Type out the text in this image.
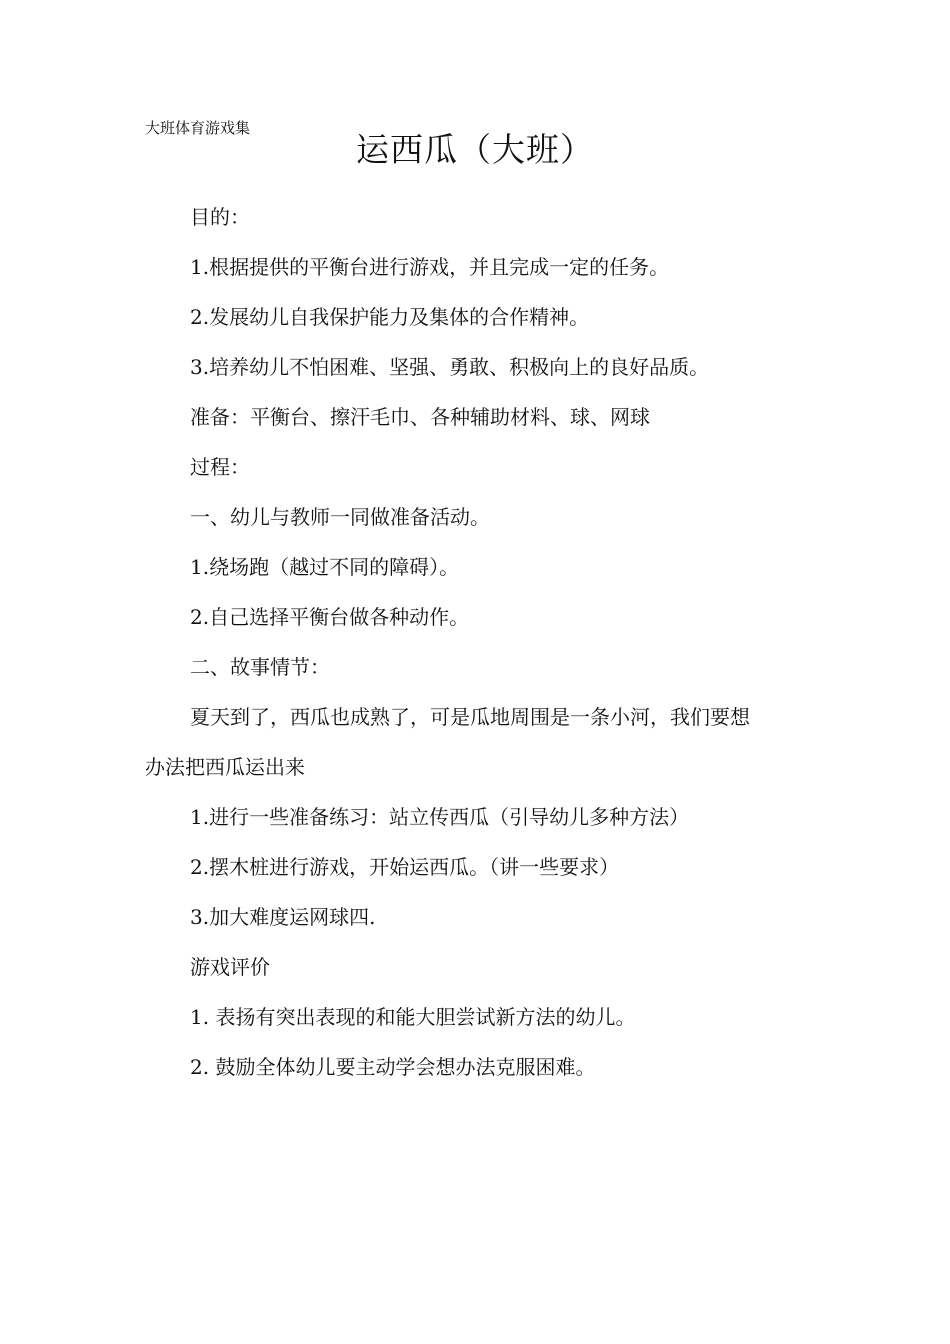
大班体育游戏集
运西瓜（大班）
目的：
1.根据提供的平衡台进行游戏，并且完成一定的任务。
2.发展幼儿自我保护能力及集体的合作精神。
3.培养幼儿不怕困难、坚强、勇敢、积极向上的良好品质。
准备：平衡台、擦汗毛巾、各种辅助材料、球、网球
过程：
一、幼儿与教师一同做准备活动。
1.绕场跑（越过不同的障碍）。
2.自己选择平衡台做各种动作。
二、故事情节：
夏天到了，西瓜也成熟了，可是瓜地周围是一条小河，我们要想
办法把西瓜运出来
1.进行一些准备练习：站立传西瓜（引导幼儿多种方法）
2.摆木桩进行游戏，开始运西瓜。（讲一些要求）
3.加大难度运网球四.
游戏评价
1. 表扬有突出表现的和能大胆尝试新方法的幼儿。
2. 鼓励全体幼儿要主动学会想办法克服困难。
